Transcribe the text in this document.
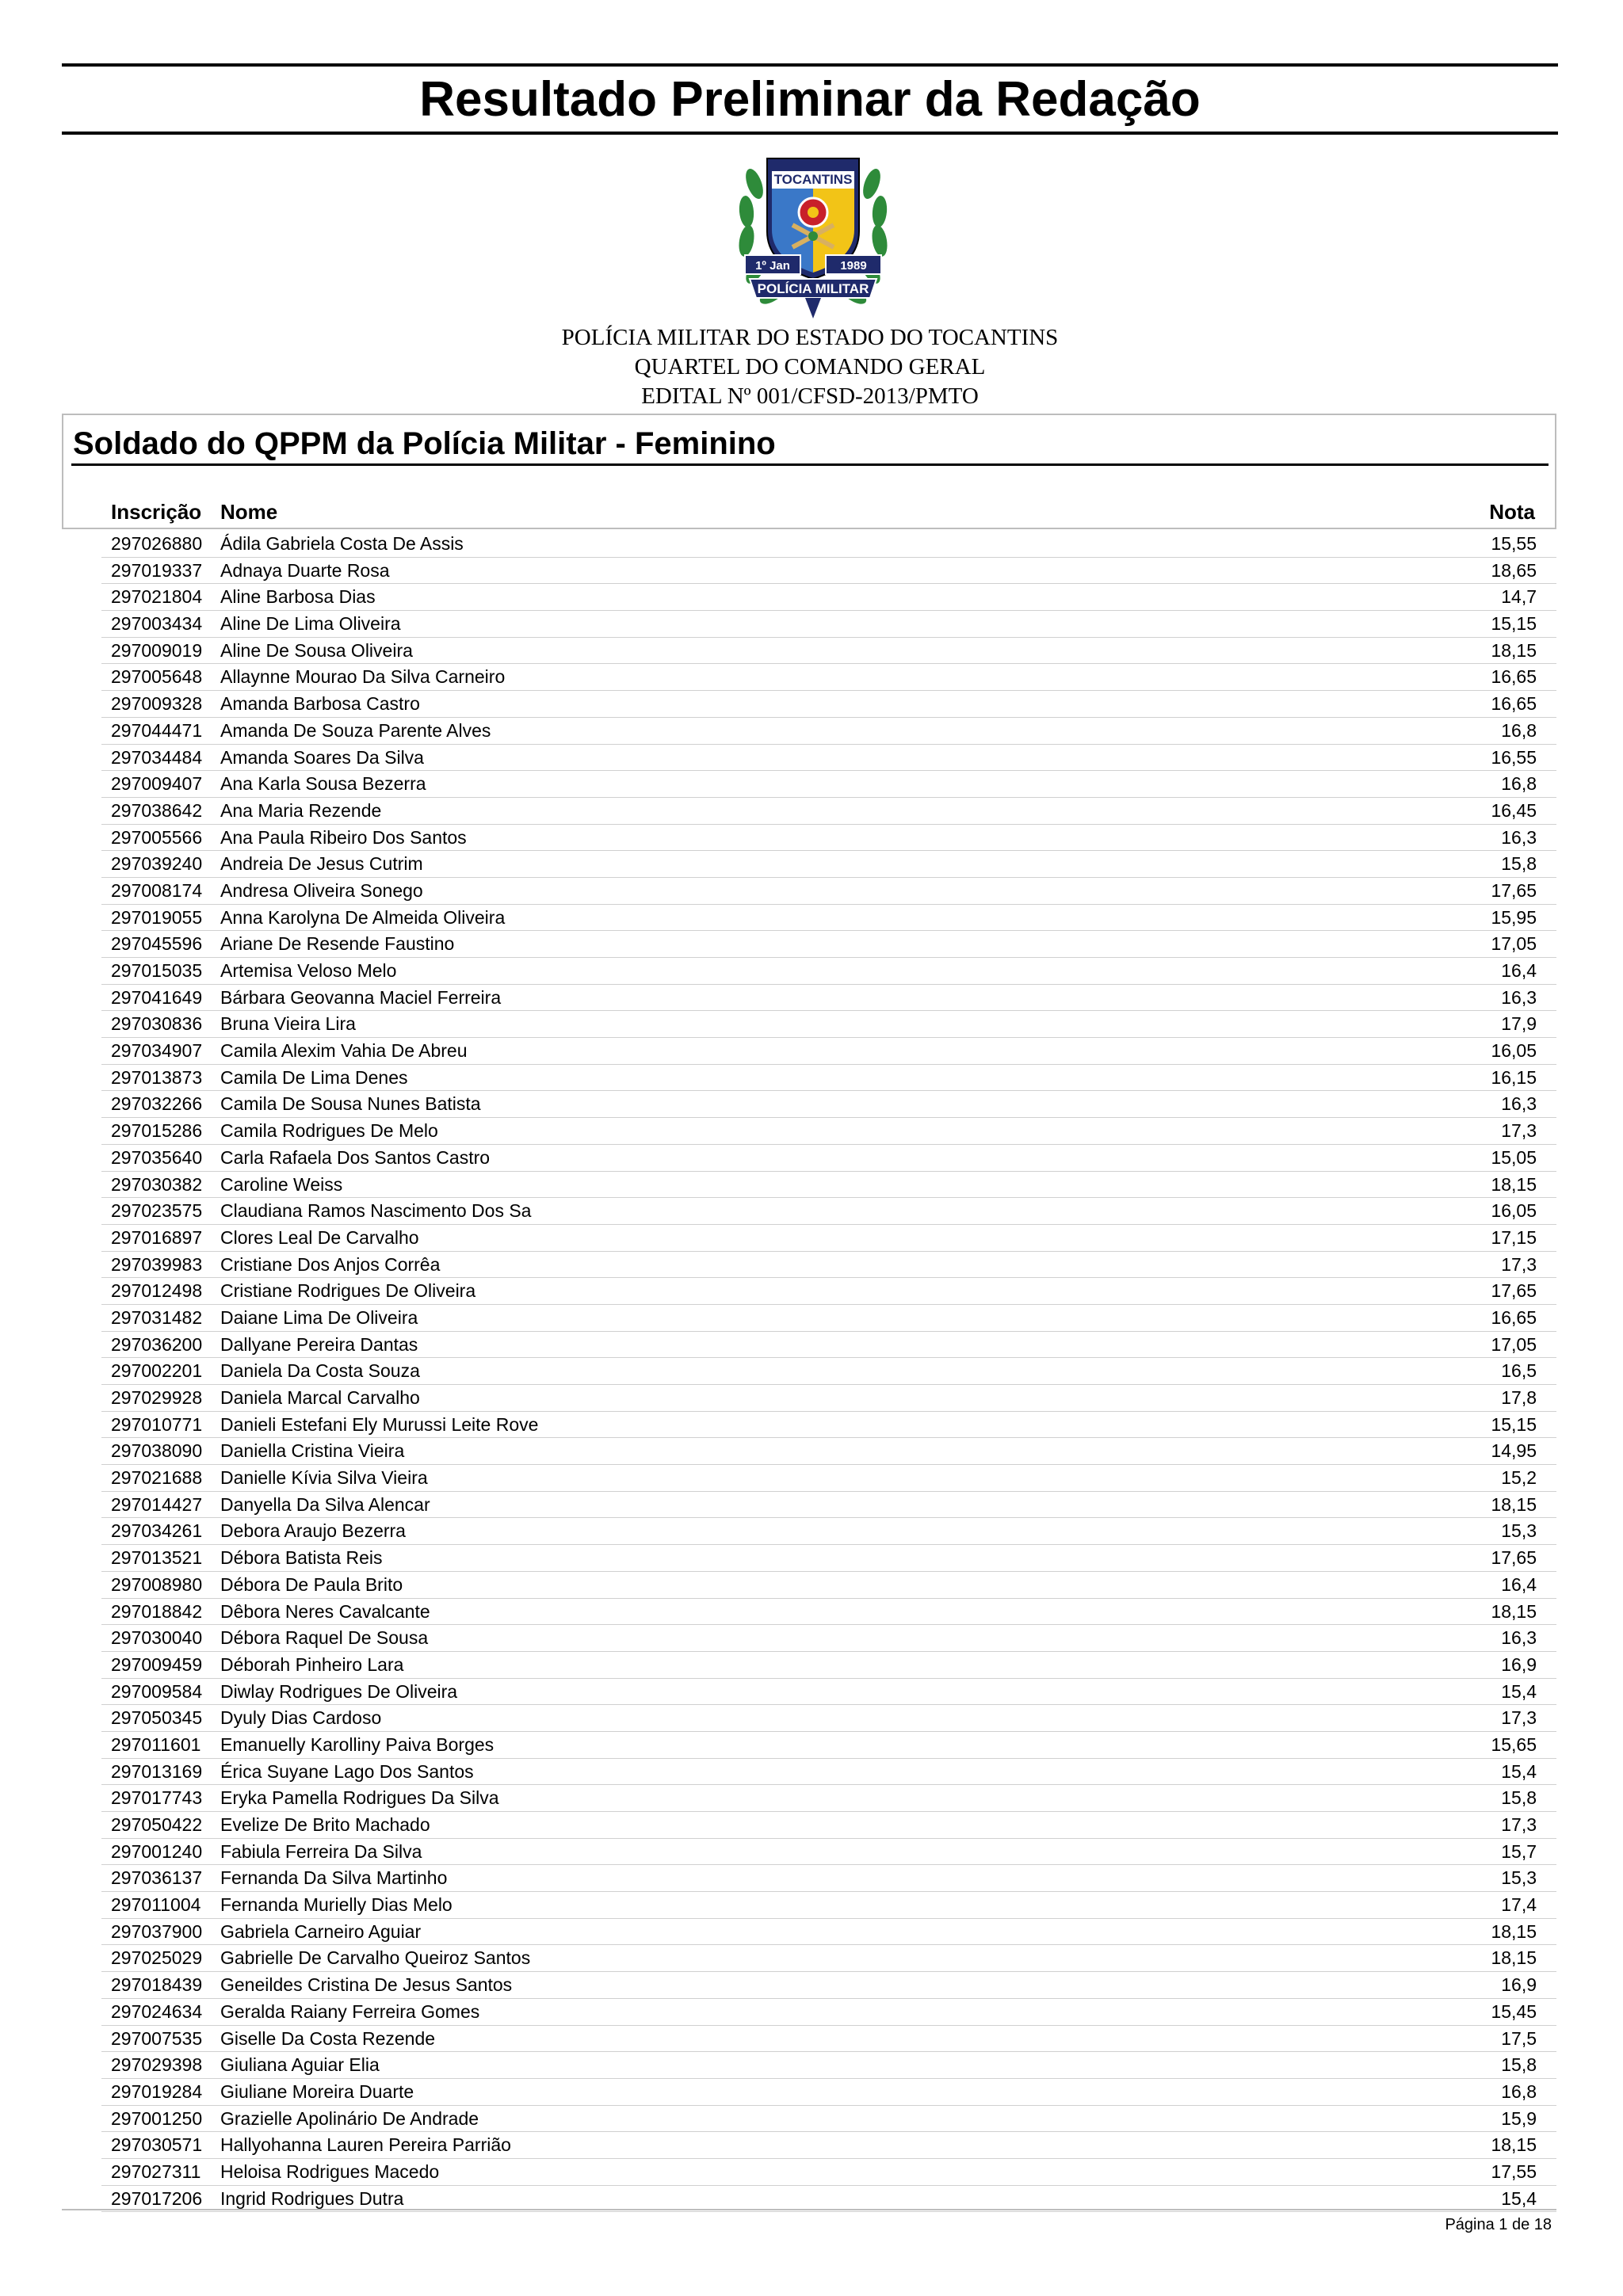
Resultado Preliminar da Redação
TOCANTINS
1º Jan	1989
POLÍCIA MILITAR
POLÍCIA MILITAR DO ESTADO DO TOCANTINS
QUARTEL DO COMANDO GERAL
EDITAL Nº 001/CFSD-2013/PMTO
Soldado do QPPM da Polícia Militar - Feminino
Inscrição Nome	Nota
297026880 Ádila Gabriela Costa De Assis	15,55
297019337 Adnaya Duarte Rosa	18,65
297021804 Aline Barbosa Dias	14,7
297003434 Aline De Lima Oliveira	15,15
297009019 Aline De Sousa Oliveira	18,15
297005648 Allaynne Mourao Da Silva Carneiro	16,65
297009328 Amanda Barbosa Castro	16,65
297044471 Amanda De Souza Parente Alves	16,8
297034484 Amanda Soares Da Silva	16,55
297009407 Ana Karla Sousa Bezerra	16,8
297038642 Ana Maria Rezende	16,45
297005566 Ana Paula Ribeiro Dos Santos	16,3
297039240 Andreia De Jesus Cutrim	15,8
297008174 Andresa Oliveira Sonego	17,65
297019055 Anna Karolyna De Almeida Oliveira	15,95
297045596 Ariane De Resende Faustino	17,05
297015035 Artemisa Veloso Melo	16,4
297041649 Bárbara Geovanna Maciel Ferreira	16,3
297030836 Bruna Vieira Lira	17,9
297034907 Camila Alexim Vahia De Abreu	16,05
297013873 Camila De Lima Denes	16,15
297032266 Camila De Sousa Nunes Batista	16,3
297015286 Camila Rodrigues De Melo	17,3
297035640 Carla Rafaela Dos Santos Castro	15,05
297030382 Caroline Weiss	18,15
297023575 Claudiana Ramos Nascimento Dos Sa	16,05
297016897 Clores Leal De Carvalho	17,15
297039983 Cristiane Dos Anjos Corrêa	17,3
297012498 Cristiane Rodrigues De Oliveira	17,65
297031482 Daiane Lima De Oliveira	16,65
297036200 Dallyane Pereira Dantas	17,05
297002201 Daniela Da Costa Souza	16,5
297029928 Daniela Marcal Carvalho	17,8
297010771 Danieli Estefani Ely Murussi Leite Rove	15,15
297038090 Daniella Cristina Vieira	14,95
297021688 Danielle Kívia Silva Vieira	15,2
297014427 Danyella Da Silva Alencar	18,15
297034261 Debora Araujo Bezerra	15,3
297013521 Débora Batista Reis	17,65
297008980 Débora De Paula Brito	16,4
297018842 Dêbora Neres Cavalcante	18,15
297030040 Débora Raquel De Sousa	16,3
297009459 Déborah Pinheiro Lara	16,9
297009584 Diwlay Rodrigues De Oliveira	15,4
297050345 Dyuly Dias Cardoso	17,3
297011601 Emanuelly Karolliny Paiva Borges	15,65
297013169 Érica Suyane Lago Dos Santos	15,4
297017743 Eryka Pamella Rodrigues Da Silva	15,8
297050422 Evelize De Brito Machado	17,3
297001240 Fabiula Ferreira Da Silva	15,7
297036137 Fernanda Da Silva Martinho	15,3
297011004 Fernanda Murielly Dias Melo	17,4
297037900 Gabriela Carneiro Aguiar	18,15
297025029 Gabrielle De Carvalho Queiroz Santos	18,15
297018439 Geneildes Cristina De Jesus Santos	16,9
297024634 Geralda Raiany Ferreira Gomes	15,45
297007535 Giselle Da Costa Rezende	17,5
297029398 Giuliana Aguiar Elia	15,8
297019284 Giuliane Moreira Duarte	16,8
297001250 Grazielle Apolinário De Andrade	15,9
297030571 Hallyohanna Lauren Pereira Parrião	18,15
297027311 Heloisa Rodrigues Macedo	17,55
297017206 Ingrid Rodrigues Dutra	15,4
Página 1 de 18
